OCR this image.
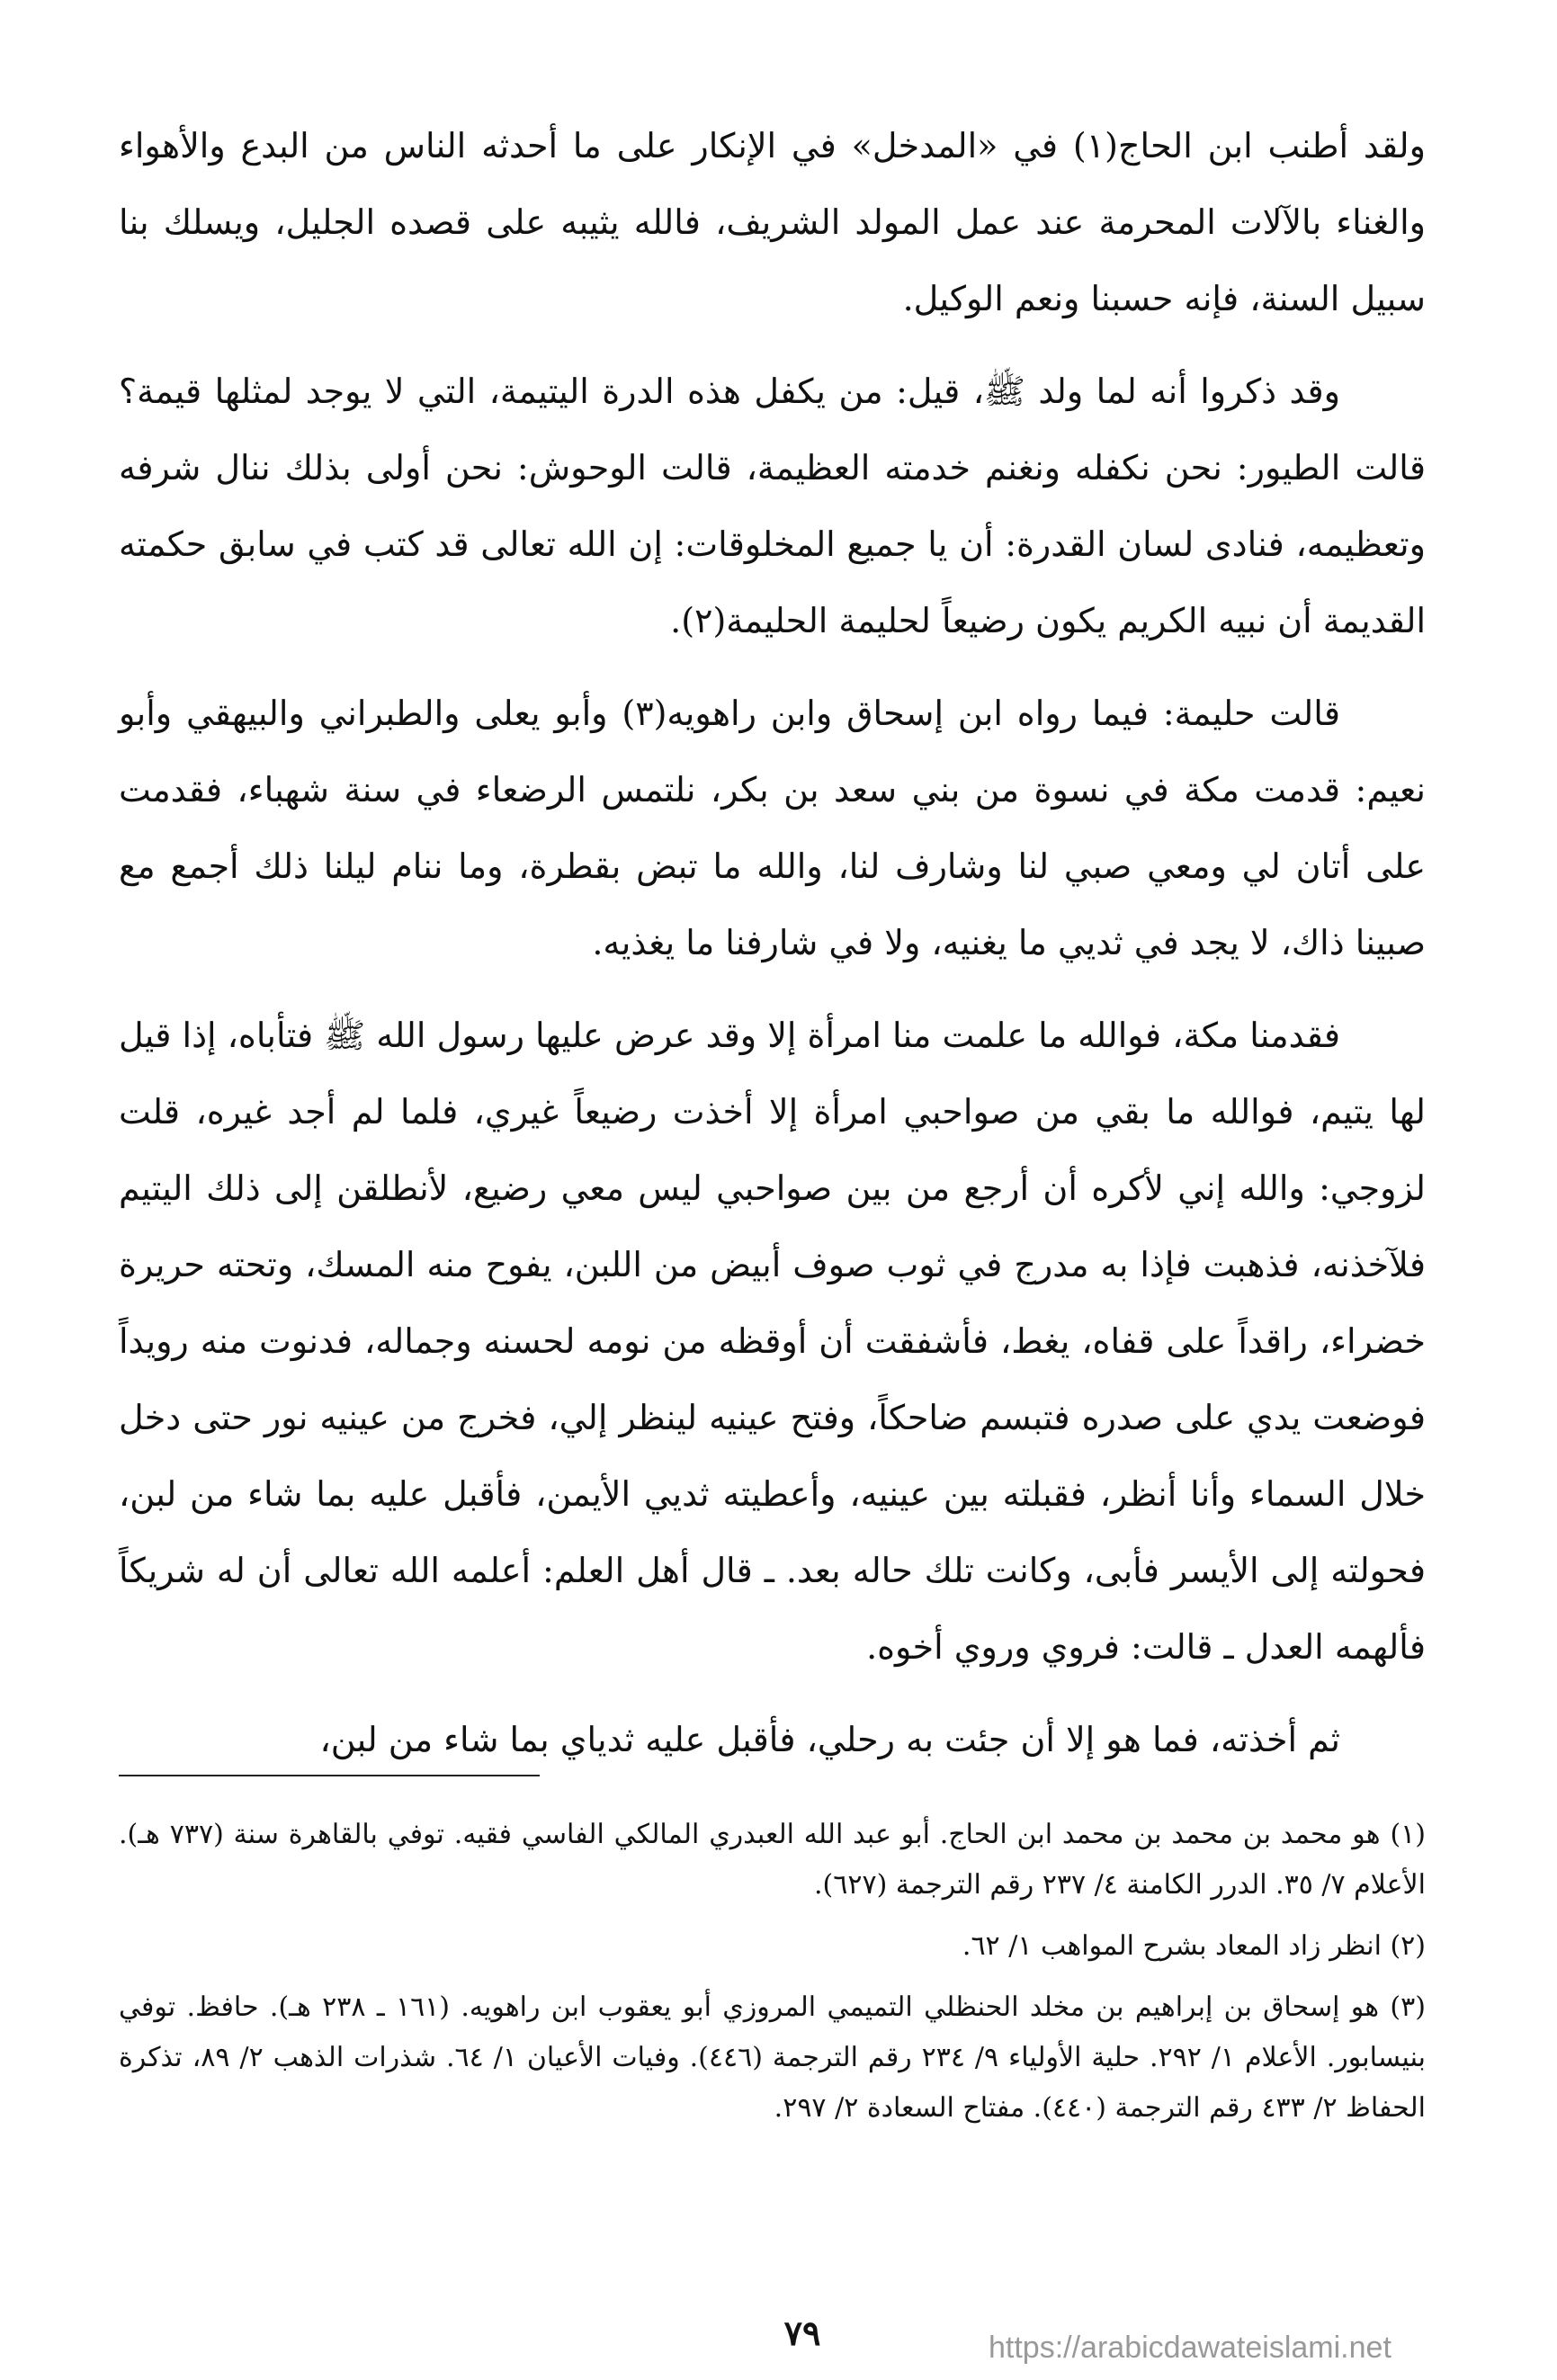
ولقد أطنب ابن الحاج(١) في «المدخل» في الإنكار على ما أحدثه الناس من البدع والأهواء والغناء بالآلات المحرمة عند عمل المولد الشريف، فالله يثيبه على قصده الجليل، ويسلك بنا سبيل السنة، فإنه حسبنا ونعم الوكيل.

وقد ذكروا أنه لما ولد ﷺ، قيل: من يكفل هذه الدرة اليتيمة، التي لا يوجد لمثلها قيمة؟ قالت الطيور: نحن نكفله ونغنم خدمته العظيمة، قالت الوحوش: نحن أولى بذلك ننال شرفه وتعظيمه، فنادى لسان القدرة: أن يا جميع المخلوقات: إن الله تعالى قد كتب في سابق حكمته القديمة أن نبيه الكريم يكون رضيعاً لحليمة الحليمة(٢).

قالت حليمة: فيما رواه ابن إسحاق وابن راهويه(٣) وأبو يعلى والطبراني والبيهقي وأبو نعيم: قدمت مكة في نسوة من بني سعد بن بكر، نلتمس الرضعاء في سنة شهباء، فقدمت على أتان لي ومعي صبي لنا وشارف لنا، والله ما تبض بقطرة، وما ننام ليلنا ذلك أجمع مع صبينا ذاك، لا يجد في ثديي ما يغنيه، ولا في شارفنا ما يغذيه.

فقدمنا مكة، فوالله ما علمت منا امرأة إلا وقد عرض عليها رسول الله ﷺ فتأباه، إذا قيل لها يتيم، فوالله ما بقي من صواحبي امرأة إلا أخذت رضيعاً غيري، فلما لم أجد غيره، قلت لزوجي: والله إني لأكره أن أرجع من بين صواحبي ليس معي رضيع، لأنطلقن إلى ذلك اليتيم فلآخذنه، فذهبت فإذا به مدرج في ثوب صوف أبيض من اللبن، يفوح منه المسك، وتحته حريرة خضراء، راقداً على قفاه، يغط، فأشفقت أن أوقظه من نومه لحسنه وجماله، فدنوت منه رويداً فوضعت يدي على صدره فتبسم ضاحكاً، وفتح عينيه لينظر إلي، فخرج من عينيه نور حتى دخل خلال السماء وأنا أنظر، فقبلته بين عينيه، وأعطيته ثديي الأيمن، فأقبل عليه بما شاء من لبن، فحولته إلى الأيسر فأبى، وكانت تلك حاله بعد. ـ قال أهل العلم: أعلمه الله تعالى أن له شريكاً فألهمه العدل ـ قالت: فروي وروي أخوه.

ثم أخذته، فما هو إلا أن جئت به رحلي، فأقبل عليه ثدياي بما شاء من لبن،

(١) هو محمد بن محمد بن محمد ابن الحاج. أبو عبد الله العبدري المالكي الفاسي فقيه. توفي بالقاهرة سنة (٧٣٧ هـ). الأعلام ٧/ ٣٥. الدرر الكامنة ٤/ ٢٣٧ رقم الترجمة (٦٢٧).

(٢) انظر زاد المعاد بشرح المواهب ١/ ٦٢.

(٣) هو إسحاق بن إبراهيم بن مخلد الحنظلي التميمي المروزي أبو يعقوب ابن راهويه. (١٦١ ـ ٢٣٨ هـ). حافظ. توفي بنيسابور. الأعلام ١/ ٢٩٢. حلية الأولياء ٩/ ٢٣٤ رقم الترجمة (٤٤٦). وفيات الأعيان ١/ ٦٤. شذرات الذهب ٢/ ٨٩، تذكرة الحفاظ ٢/ ٤٣٣ رقم الترجمة (٤٤٠). مفتاح السعادة ٢/ ٢٩٧.

٧٩	https://arabicdawateislami.net
